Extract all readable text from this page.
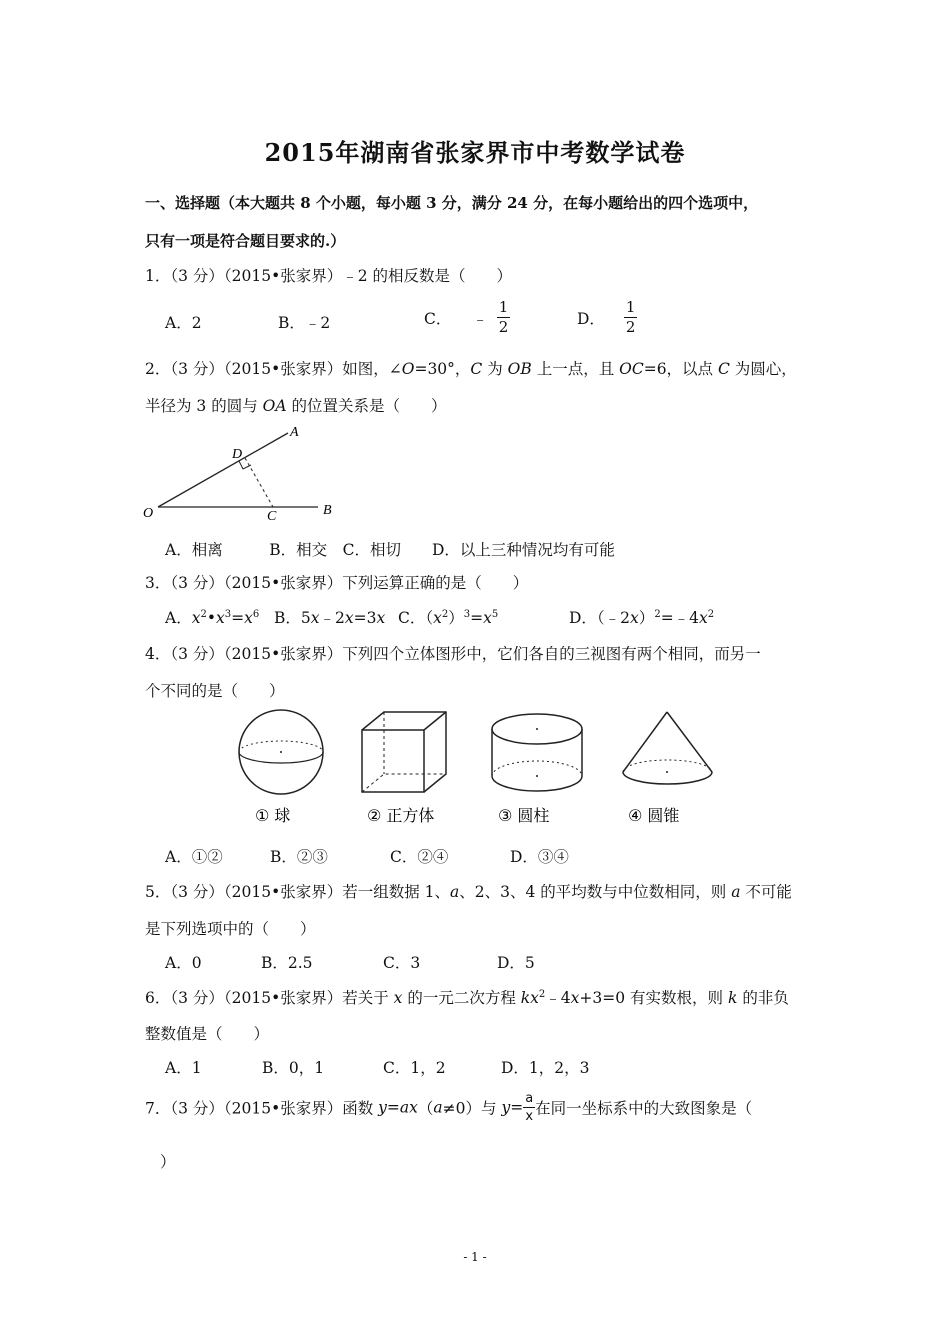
2015年湖南省张家界市中考数学试卷
一、选择题（本大题共 8 个小题，每小题 3 分，满分 24 分，在每小题给出的四个选项中，
只有一项是符合题目要求的.）
1．（3 分）（2015•张家界）﹣2 的相反数是（　　）
A．2	B．﹣2	C． ﹣ $\frac{1}{2}$	D． $\frac{1}{2}$
2．（3 分）（2015•张家界）如图，∠O=30°，C 为 OB 上一点，且 OC=6，以点 C 为圆心，
半径为 3 的圆与 OA 的位置关系是（　　）
O
A
D
C	B
A．相离　　　B．相交　C．相切　　D．以上三种情况均有可能
3．（3 分）（2015•张家界）下列运算正确的是（　　）
A．$x^2•x^3=x^6$ B．5x﹣2x=3x C．$(x^2)^3=x^5$	D．$(﹣2x)^2=﹣4x^2$
4．（3 分）（2015•张家界）下列四个立体图形中，它们各自的三视图有两个相同，而另一
个不同的是（　　）
① 球	② 正方体	③ 圆柱	④ 圆锥
A．①②	B．②③	C．②④	D．③④
5．（3 分）（2015•张家界）若一组数据 1、a、2、3、4 的平均数与中位数相同，则 a 不可能
是下列选项中的（　　）
A．0	B．2.5	C．3	D．5
6．（3 分）（2015•张家界）若关于 x 的一元二次方程 $kx^2﹣4x+3=0$ 有实数根，则 k 的非负
整数值是（　　）
A．1	B．0，1	C．1，2	D．1，2，3
7．（3 分）（2015•张家界）函数 y=ax（a≠0）与 $y= \frac{a}{x}$ 在同一坐标系中的大致图象是（
）
- 1 -
